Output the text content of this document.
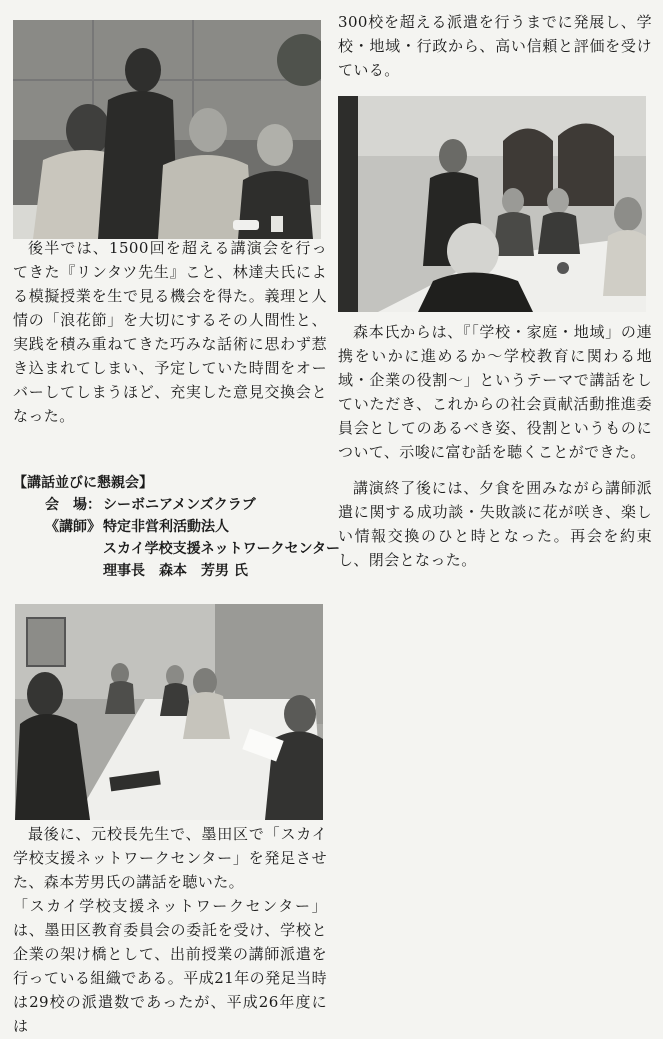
後半では、1500回を超える講演会を行ってきた『リンタツ先生』こと、林達夫氏による模擬授業を生で見る機会を得た。義理と人情の「浪花節」を大切にするその人間性と、実践を積み重ねてきた巧みな話術に思わず惹き込まれてしまい、予定していた時間をオーバーしてしまうほど、充実した意見交換会となった。

【講話並びに懇親会】
会　場： シーボニアメンズクラブ
《講師》 特定非営利活動法人
スカイ学校支援ネットワークセンター
理事長　森本　芳男 氏

最後に、元校長先生で、墨田区で「スカイ学校支援ネットワークセンター」を発足させた、森本芳男氏の講話を聴いた。

「スカイ学校支援ネットワークセンター」は、墨田区教育委員会の委託を受け、学校と企業の架け橋として、出前授業の講師派遣を行っている組織である。平成21年の発足当時は29校の派遣数であったが、平成26年度には

300校を超える派遣を行うまでに発展し、学校・地域・行政から、高い信頼と評価を受けている。

森本氏からは、『「学校・家庭・地域」の連携をいかに進めるか〜学校教育に関わる地域・企業の役割〜」というテーマで講話をしていただき、これからの社会貢献活動推進委員会としてのあるべき姿、役割というものについて、示唆に富む話を聴くことができた。

講演終了後には、夕食を囲みながら講師派遣に関する成功談・失敗談に花が咲き、楽しい情報交換のひと時となった。再会を約束し、閉会となった。
